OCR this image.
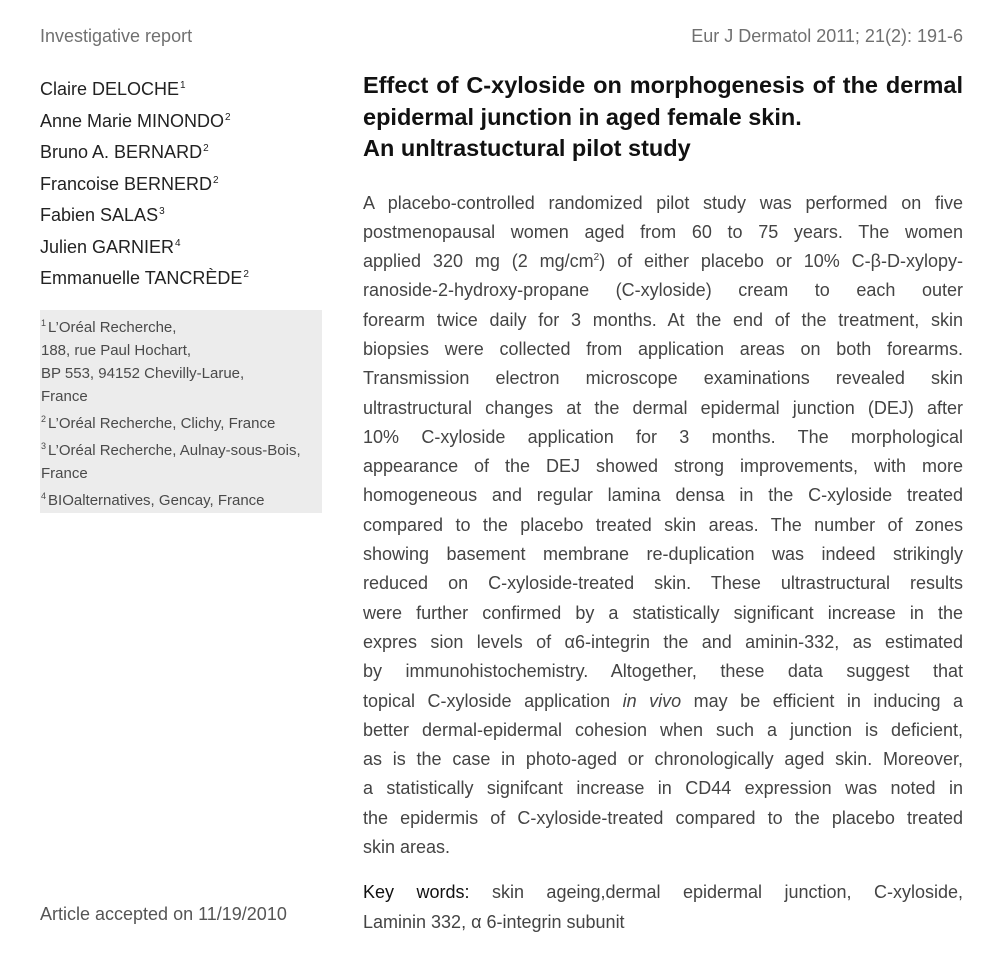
Investigative report	Eur J Dermatol 2011; 21(2): 191-6
Claire DELOCHE$^1$
Anne Marie MINONDO$^2$
Bruno A. BERNARD$^2$
Francoise BERNERD$^2$
Fabien SALAS$^3$
Julien GARNIER$^4$
Emmanuelle TANCRÈDE$^2$
$^1$ L’Oréal Recherche,
188, rue Paul Hochart,
BP 553, 94152 Chevilly-Larue,
France
$^2$ L’Oréal Recherche, Clichy, France
$^3$ L’Oréal Recherche, Aulnay-sous-Bois,
France
$^4$ BIOalternatives, Gencay, France
Article accepted on 11/19/2010
Effect of C-xyloside on morphogenesis of the dermal
epidermal junction in aged female skin.
An unltrastuctural pilot study
A placebo-controlled randomized pilot study was performed on five
postmenopausal women aged from 60 to 75 years. The women
applied 320 mg (2 $mg/cm^2$) of either placebo or 10% C-β-D-xylopy-
ranoside-2-hydroxy-propane (C-xyloside) cream to each outer
forearm twice daily for 3 months. At the end of the treatment, skin
biopsies were collected from application areas on both forearms.
Transmission electron microscope examinations revealed skin
ultrastructural changes at the dermal epidermal junction (DEJ) after
10% C-xyloside application for 3 months. The morphological
appearance of the DEJ showed strong improvements, with more
homogeneous and regular lamina densa in the C-xyloside treated
compared to the placebo treated skin areas. The number of zones
showing basement membrane re-duplication was indeed strikingly
reduced on C-xyloside-treated skin. These ultrastructural results
were further confirmed by a statistically significant increase in the
expres sion levels of α6-integrin the and aminin-332, as estimated
by immunohistochemistry. Altogether, these data suggest that
topical C-xyloside application in vivo may be efficient in inducing a
better dermal-epidermal cohesion when such a junction is deficient,
as is the case in photo-aged or chronologically aged skin. Moreover,
a statistically signifcant increase in CD44 expression was noted in
the epidermis of C-xyloside-treated compared to the placebo treated
skin areas.
Key words: skin ageing,dermal epidermal junction, C-xyloside,
Laminin 332, α 6-integrin subunit
